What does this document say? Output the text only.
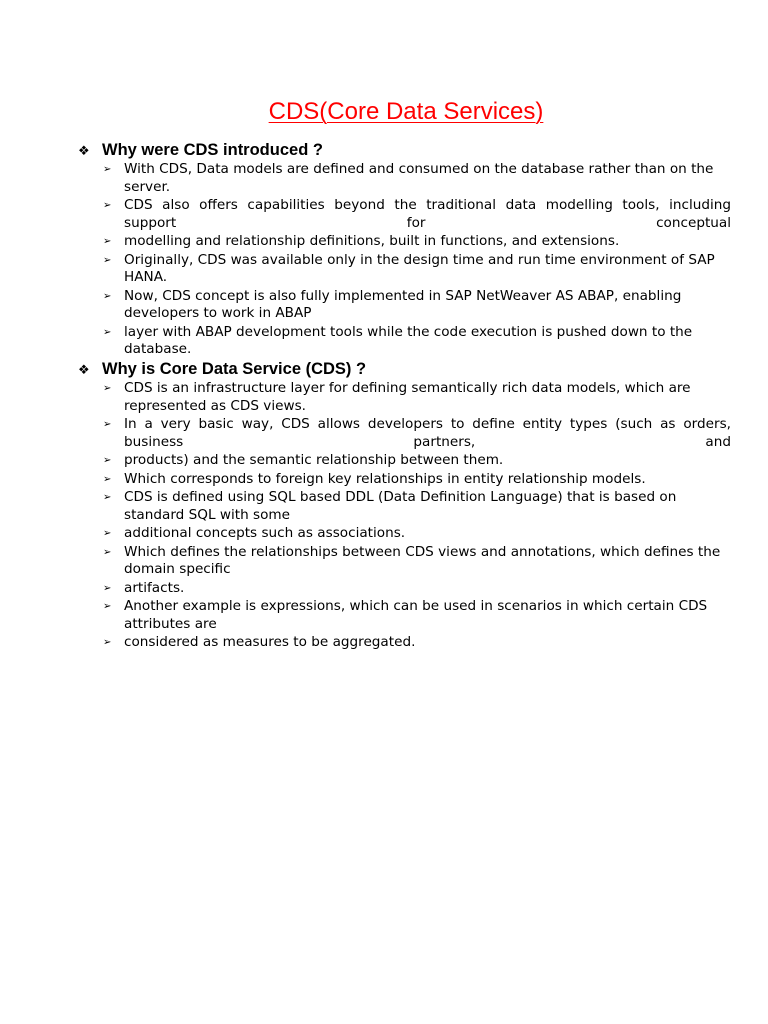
CDS(Core Data Services)
❖ Why were CDS introduced ?
➢ With CDS, Data models are defined and consumed on the database rather than on the server.
➢ CDS also offers capabilities beyond the traditional data modelling tools, including support for conceptual
➢ modelling and relationship definitions, built in functions, and extensions.
➢ Originally, CDS was available only in the design time and run time environment of SAP HANA.
➢ Now, CDS concept is also fully implemented in SAP NetWeaver AS ABAP, enabling developers to work in ABAP
➢ layer with ABAP development tools while the code execution is pushed down to the database.
❖ Why is Core Data Service (CDS) ?
➢ CDS is an infrastructure layer for defining semantically rich data models, which are represented as CDS views.
➢ In a very basic way, CDS allows developers to define entity types (such as orders, business partners, and
➢ products) and the semantic relationship between them.
➢ Which corresponds to foreign key relationships in entity relationship models.
➢ CDS is defined using SQL based DDL (Data Definition Language) that is based on standard SQL with some
➢ additional concepts such as associations.
➢ Which defines the relationships between CDS views and annotations, which defines the domain specific
➢ artifacts.
➢ Another example is expressions, which can be used in scenarios in which certain CDS attributes are
➢ considered as measures to be aggregated.
